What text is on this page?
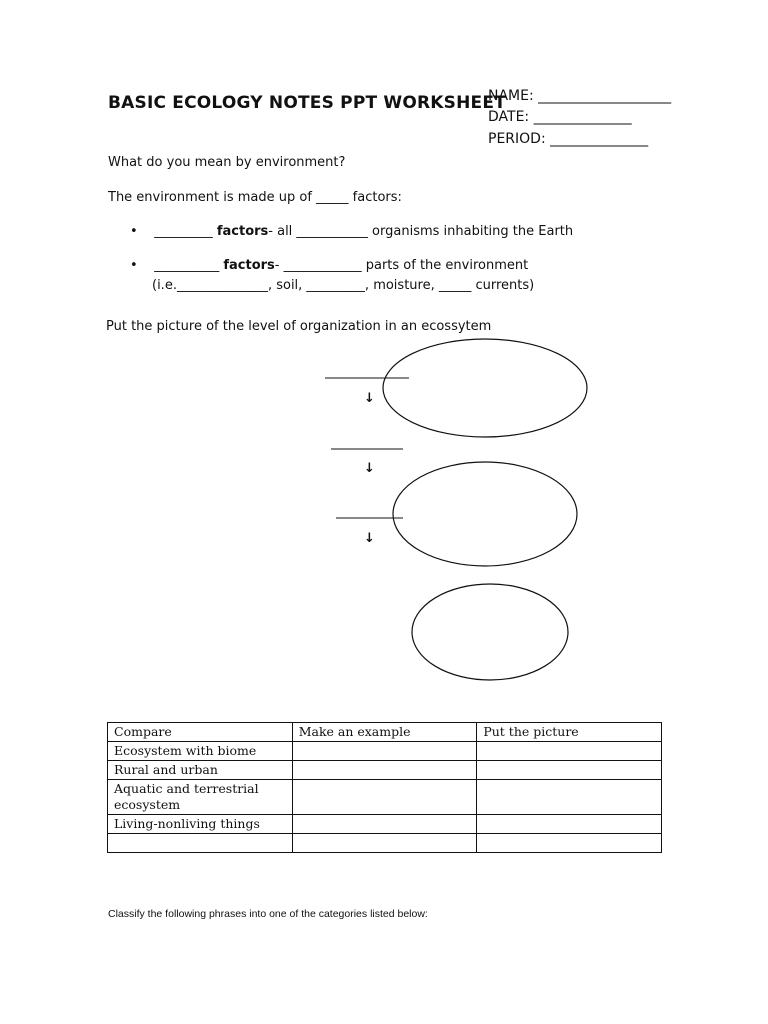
BASIC ECOLOGY NOTES PPT WORKSHEET
NAME: ___________________
DATE: ______________
PERIOD: ______________
What do you mean by environment?
The environment is made up of _____ factors:
• _________ factors- all ___________ organisms inhabiting the Earth
• __________ factors- ____________ parts of the environment
(i.e.______________, soil, _________, moisture, _____ currents)
Put the picture of the level of organization in an ecossytem
↓
↓
↓
Compare	Make an example	Put the picture
Ecosystem with biome		
Rural and urban		
Aquatic and terrestrial ecosystem		
Living-nonliving things		

Classify the following phrases into one of the categories listed below:
